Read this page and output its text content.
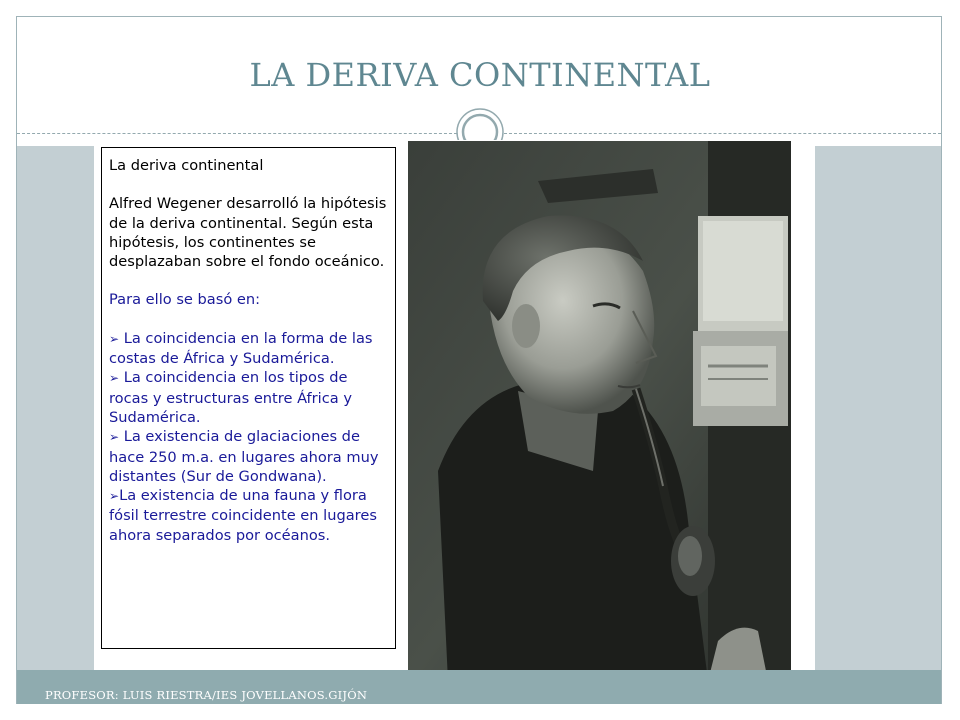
LA DERIVA CONTINENTAL

La deriva continental

Alfred Wegener desarrolló la hipótesis de la deriva continental. Según esta hipótesis, los continentes se desplazaban sobre el fondo oceánico.

Para ello se basó en:

➢ La coincidencia en la forma de las costas de África y Sudamérica.

➢ La coincidencia en los tipos de rocas y estructuras entre África y Sudamérica.

➢ La existencia de glaciaciones de hace 250 m.a. en lugares ahora muy distantes (Sur de Gondwana).

➢La existencia de una fauna y flora fósil terrestre coincidente en lugares ahora separados por océanos.

PROFESOR: LUIS RIESTRA/IES JOVELLANOS.GIJÓN
